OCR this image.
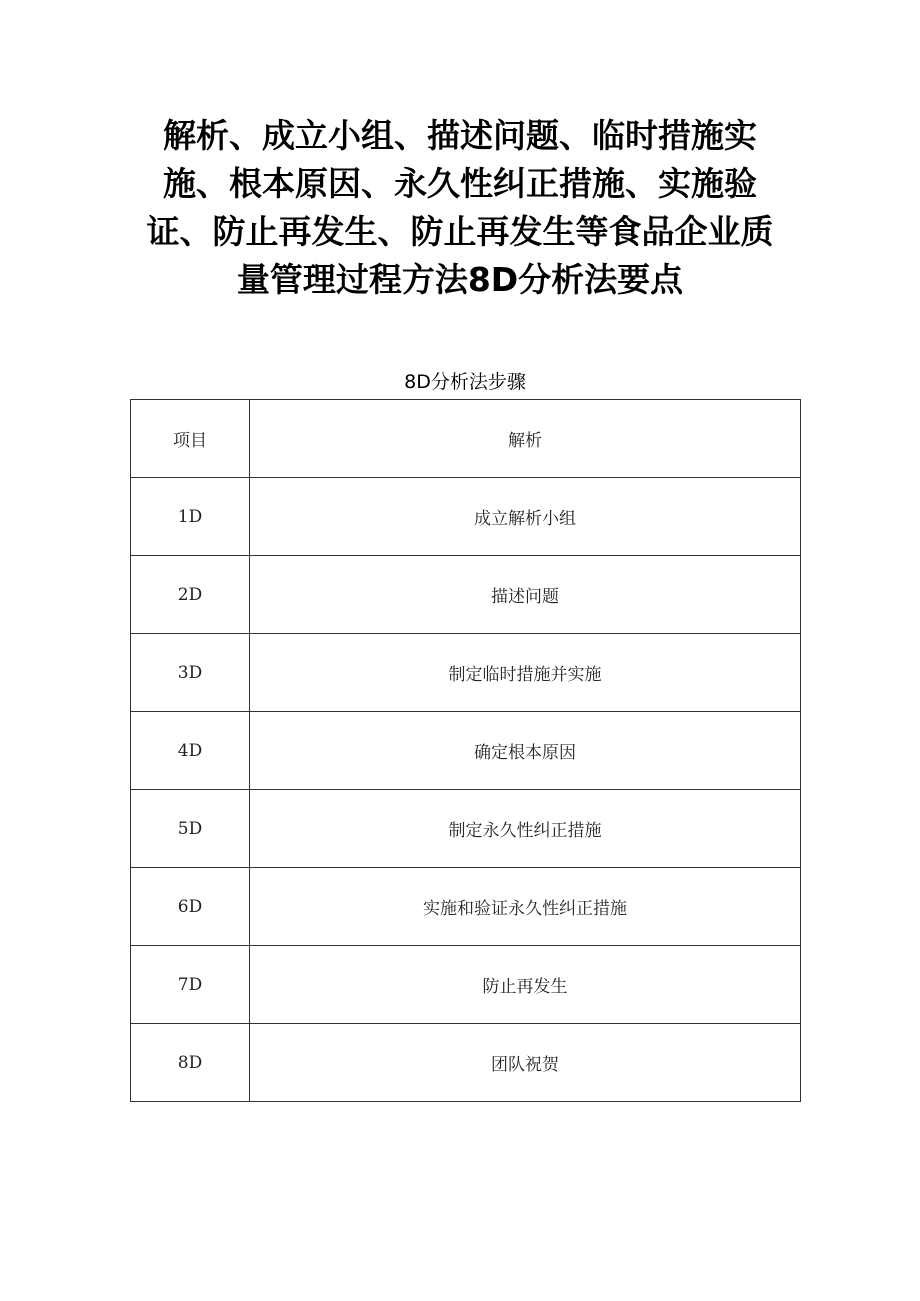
解析、成立小组、描述问题、临时措施实施、根本原因、永久性纠正措施、实施验证、防止再发生、防止再发生等食品企业质量管理过程方法8D分析法要点
8D分析法步骤
项目	解析
1D	成立解析小组
2D	描述问题
3D	制定临时措施并实施
4D	确定根本原因
5D	制定永久性纠正措施
6D	实施和验证永久性纠正措施
7D	防止再发生
8D	团队祝贺
